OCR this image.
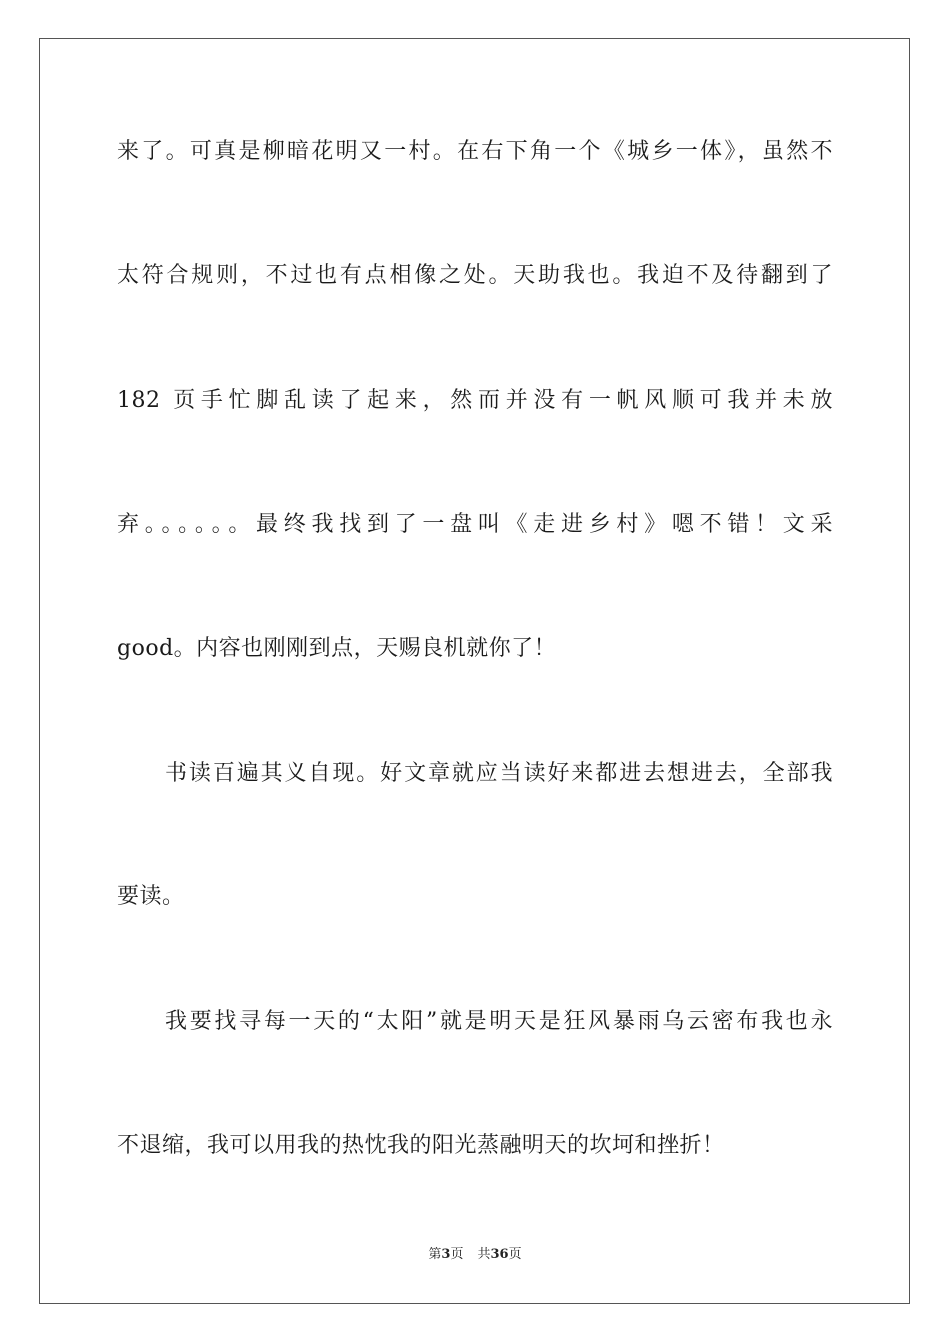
来了。可真是柳暗花明又一村。在右下角一个《城乡一体》，虽然不
太符合规则，不过也有点相像之处。天助我也。我迫不及待翻到了
182 页手忙脚乱读了起来，然而并没有一帆风顺可我并未放
弃。。。。。。最终我找到了一盘叫《走进乡村》嗯不错！文采
good。内容也刚刚到点，天赐良机就你了！
书读百遍其义自现。好文章就应当读好来都进去想进去，全部我
要读。
我要找寻每一天的“太阳”就是明天是狂风暴雨乌云密布我也永
不退缩，我可以用我的热忱我的阳光蒸融明天的坎坷和挫折！
第3页 共36页
